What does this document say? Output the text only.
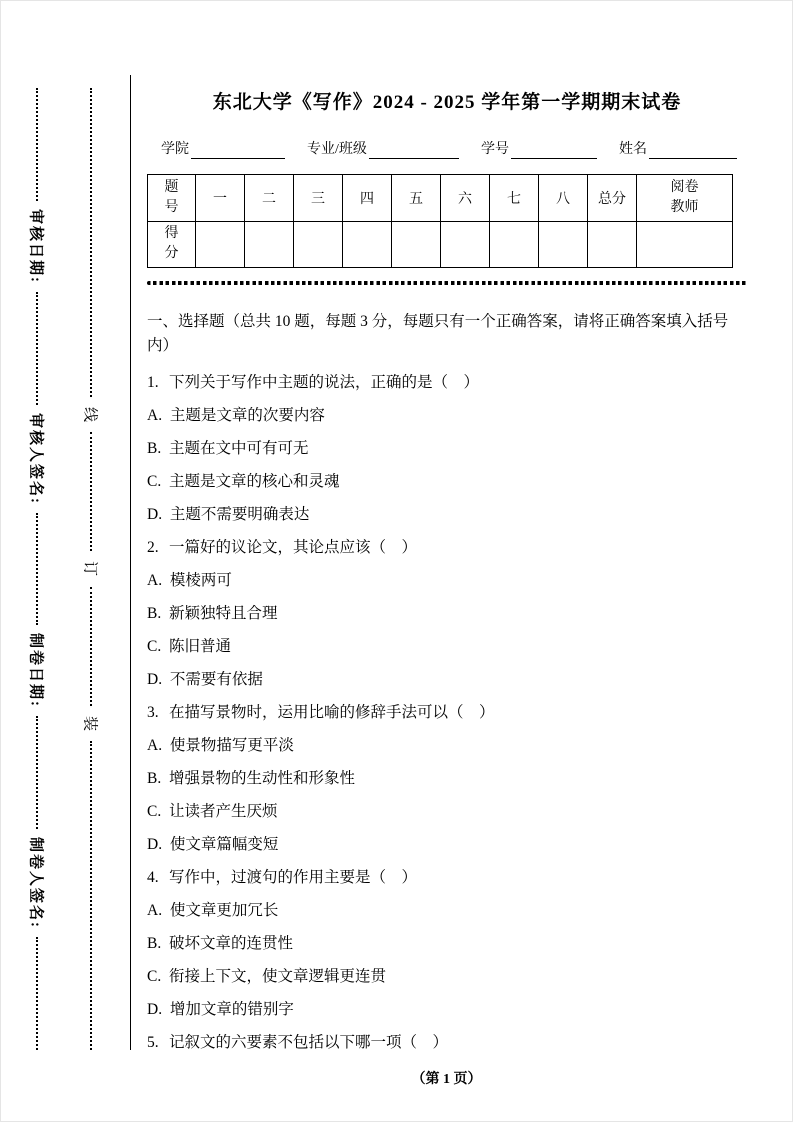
审核日期:
审核人签名:
制卷日期:
制卷人签名:
线
订
装
东北大学《写作》2024 - 2025 学年第一学期期末试卷
学院	专业/班级	学号	姓名
题号	一	二	三	四	五	六	七	八	总分	阅卷教师
得分										
一、选择题（总共 10 题，每题 3 分，每题只有一个正确答案，请将正确答案填入括号内）
1. 下列关于写作中主题的说法，正确的是（　）
A.  主题是文章的次要内容
B.  主题在文中可有可无
C.  主题是文章的核心和灵魂
D.  主题不需要明确表达
2. 一篇好的议论文，其论点应该（　）
A.  模棱两可
B.  新颖独特且合理
C.  陈旧普通
D.  不需要有依据
3. 在描写景物时，运用比喻的修辞手法可以（　）
A.  使景物描写更平淡
B.  增强景物的生动性和形象性
C.  让读者产生厌烦
D.  使文章篇幅变短
4. 写作中，过渡句的作用主要是（　）
A.  使文章更加冗长
B.  破坏文章的连贯性
C.  衔接上下文，使文章逻辑更连贯
D.  增加文章的错别字
5. 记叙文的六要素不包括以下哪一项（　）
（第 1 页）
